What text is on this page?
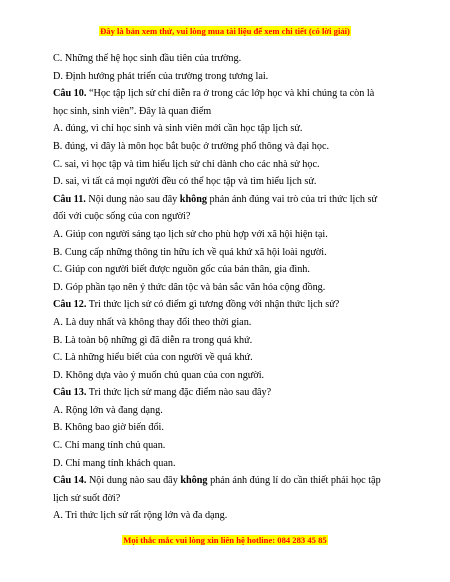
Đây là bản xem thử, vui lòng mua tài liệu để xem chi tiết (có lời giải)
C. Những thế hệ học sinh đầu tiên của trường.
D. Định hướng phát triển của trường trong tương lai.
Câu 10. “Học tập lịch sử chỉ diễn ra ở trong các lớp học và khi chúng ta còn là
học sinh, sinh viên”. Đây là quan điểm
A. đúng, vì chỉ học sinh và sinh viên mới cần học tập lịch sử.
B. đúng, vì đây là môn học bắt buộc ở trường phổ thông và đại học.
C. sai, vì học tập và tìm hiểu lịch sử chỉ dành cho các nhà sử học.
D. sai, vì tất cả mọi người đều có thể học tập và tìm hiểu lịch sử.
Câu 11. Nội dung nào sau đây không phản ánh đúng vai trò của tri thức lịch sử
đối với cuộc sống của con người?
A. Giúp con người sáng tạo lịch sử cho phù hợp với xã hội hiện tại.
B. Cung cấp những thông tin hữu ích về quá khứ xã hội loài người.
C. Giúp con người biết được nguồn gốc của bản thân, gia đình.
D. Góp phần tạo nên ý thức dân tộc và bản sắc văn hóa cộng đồng.
Câu 12. Tri thức lịch sử có điểm gì tương đồng với nhận thức lịch sử?
A. Là duy nhất và không thay đổi theo thời gian.
B. Là toàn bộ những gì đã diễn ra trong quá khứ.
C. Là những hiểu biết của con người về quá khứ.
D. Không dựa vào ý muốn chủ quan của con người.
Câu 13. Tri thức lịch sử mang đặc điểm nào sau đây?
A. Rộng lớn và đang dạng.
B. Không bao giờ biến đổi.
C. Chỉ mang tính chủ quan.
D. Chỉ mang tính khách quan.
Câu 14. Nội dung nào sau đây không phản ánh đúng lí do cần thiết phải học tập
lịch sử suốt đời?
A. Tri thức lịch sử rất rộng lớn và đa dạng.
Mọi thắc mắc vui lòng xin liên hệ hotline: 084 283 45 85
